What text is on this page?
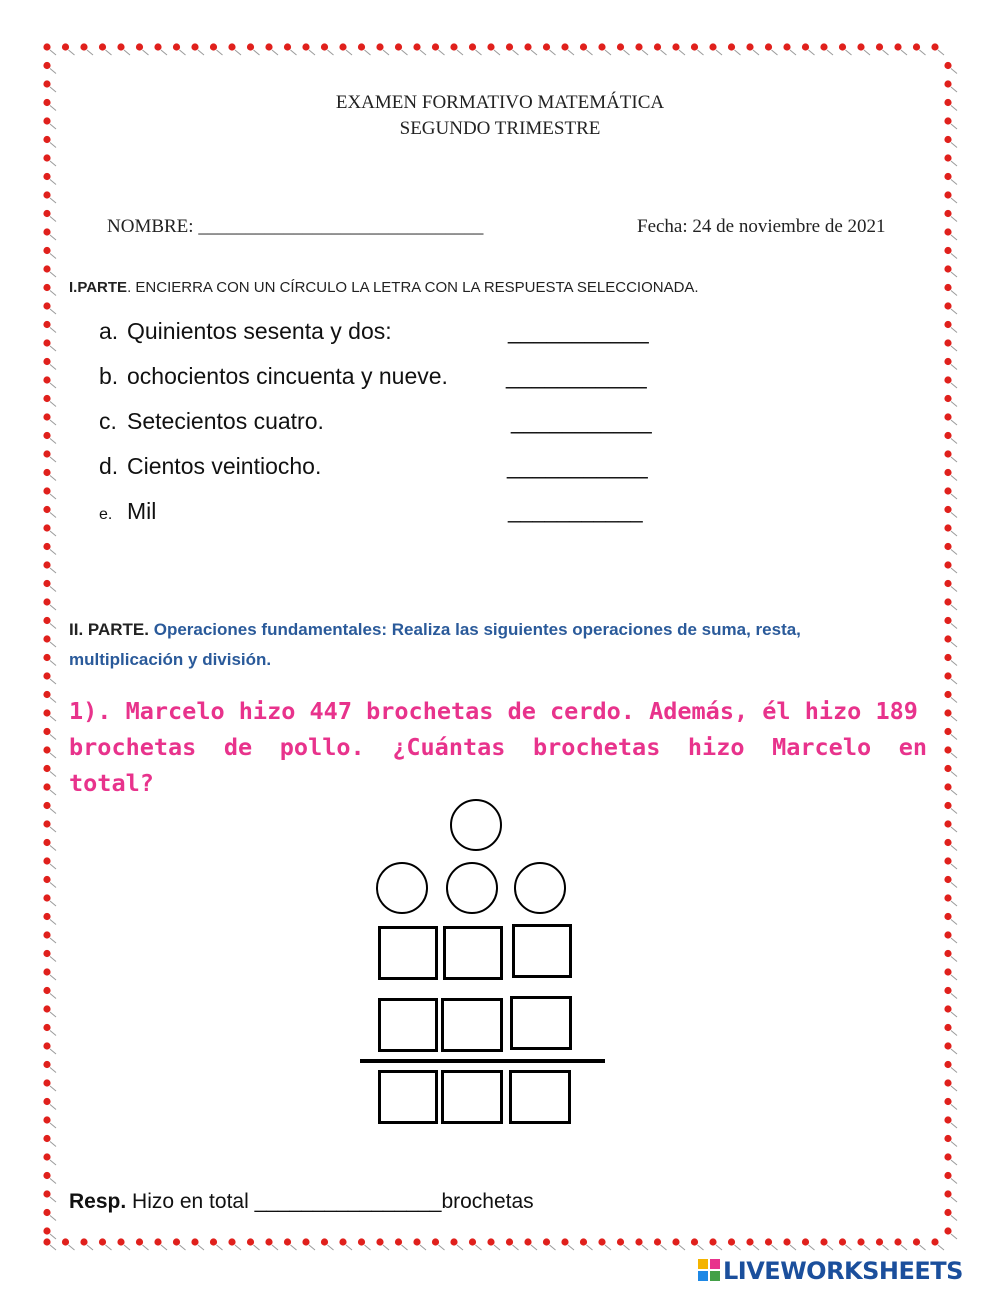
EXAMEN FORMATIVO MATEMÁTICA
SEGUNDO TRIMESTRE
NOMBRE: ______________________________	Fecha: 24 de noviembre de 2021
I.PARTE. ENCIERRA CON UN CÍRCULO LA LETRA CON LA RESPUESTA SELECCIONADA.
a. Quinientos sesenta y dos:	___________
b. ochocientos cincuenta y nueve.	___________
c. Setecientos cuatro.	___________
d. Cientos veintiocho.	___________
e. Mil	___________
II. PARTE. Operaciones fundamentales: Realiza las siguientes operaciones de suma, resta,
multiplicación y división.
1). Marcelo hizo 447 brochetas de cerdo. Además, él hizo 189
brochetas de pollo. ¿Cuántas brochetas hizo Marcelo en total?
Resp. Hizo en total ________________brochetas
LIVEWORKSHEETS
